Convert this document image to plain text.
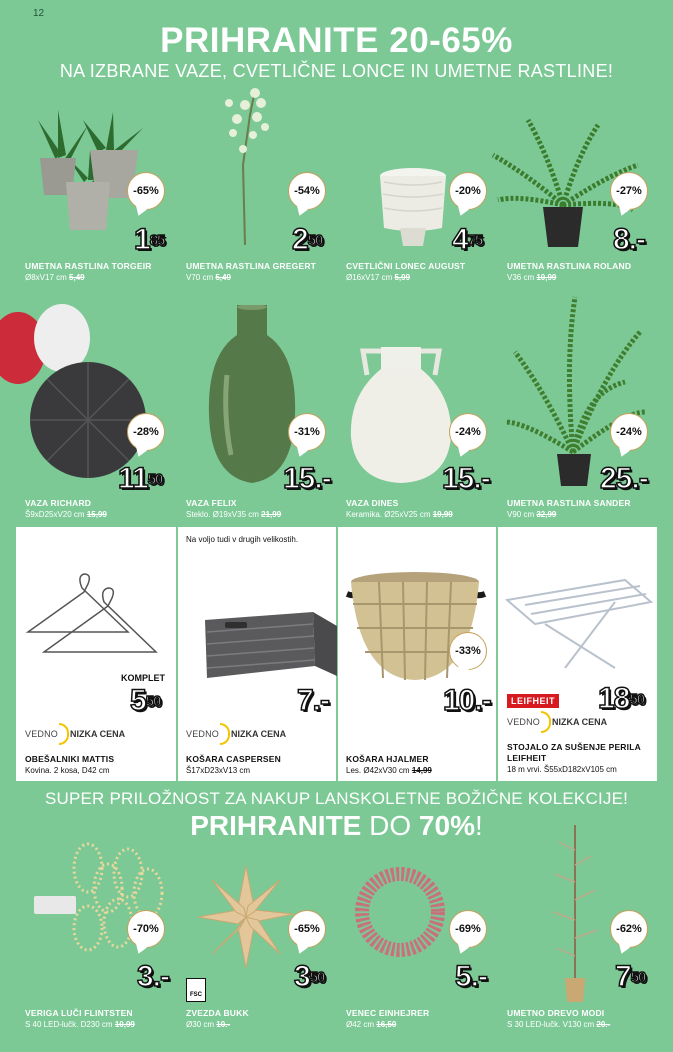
12
PRIHRANITE 20-65%
NA IZBRANE VAZE, CVETLIČNE LONCE IN UMETNE RASTLINE!
-65%	-54%	-20%	-27%
$1^{85}$	$2^{50}$	$4^{75}$	8.-
UMETNA RASTLINA TORGEIR
Ø8xV17 cm 5,49
UMETNA RASTLINA GREGERT
V70 cm 5,49
CVETLIČNI LONEC AUGUST
Ø16xV17 cm 5,99
UMETNA RASTLINA ROLAND
V36 cm 10,99
-28%	-31%	-24%	-24%
$11^{50}$	15.-	15.-	25.-
VAZA RICHARD
Š9xD25xV20 cm 15,99
VAZA FELIX
Steklo. Ø19xV35 cm 21,99
VAZA DINES
Keramika. Ø25xV25 cm 19,99
UMETNA RASTLINA SANDER
V90 cm 32,99
Na voljo tudi v drugih velikostih.
-33%
KOMPLET
$5^{50}$	7.-	10.-	$18^{50}$
LEIFHEIT
VEDNO NIZKA CENA	VEDNO NIZKA CENA
VEDNO NIZKA CENA
OBEŠALNIKI MATTIS
Kovina. 2 kosa, D42 cm
KOŠARA CASPERSEN
Š17xD23xV13 cm
KOŠARA HJALMER
Les. Ø42xV30 cm 14,99
STOJALO ZA SUŠENJE PERILA
LEIFHEIT
18 m vrvi. Š55xD182xV105 cm
SUPER PRILOŽNOST ZA NAKUP LANSKOLETNE BOŽIČNE KOLEKCIJE!
PRIHRANITE DO 70%!
-70%	-65%	-69%	-62%
3.-	$3^{50}$	5.-	$7^{50}$
FSC
VERIGA LUČI FLINTSTEN
S 40 LED-lučk. D230 cm 10,99
ZVEZDA BUKK
Ø30 cm 10.-
VENEC EINHEJRER
Ø42 cm 16,50
UMETNO DREVO MODI
S 30 LED-lučk. V130 cm 20.-
